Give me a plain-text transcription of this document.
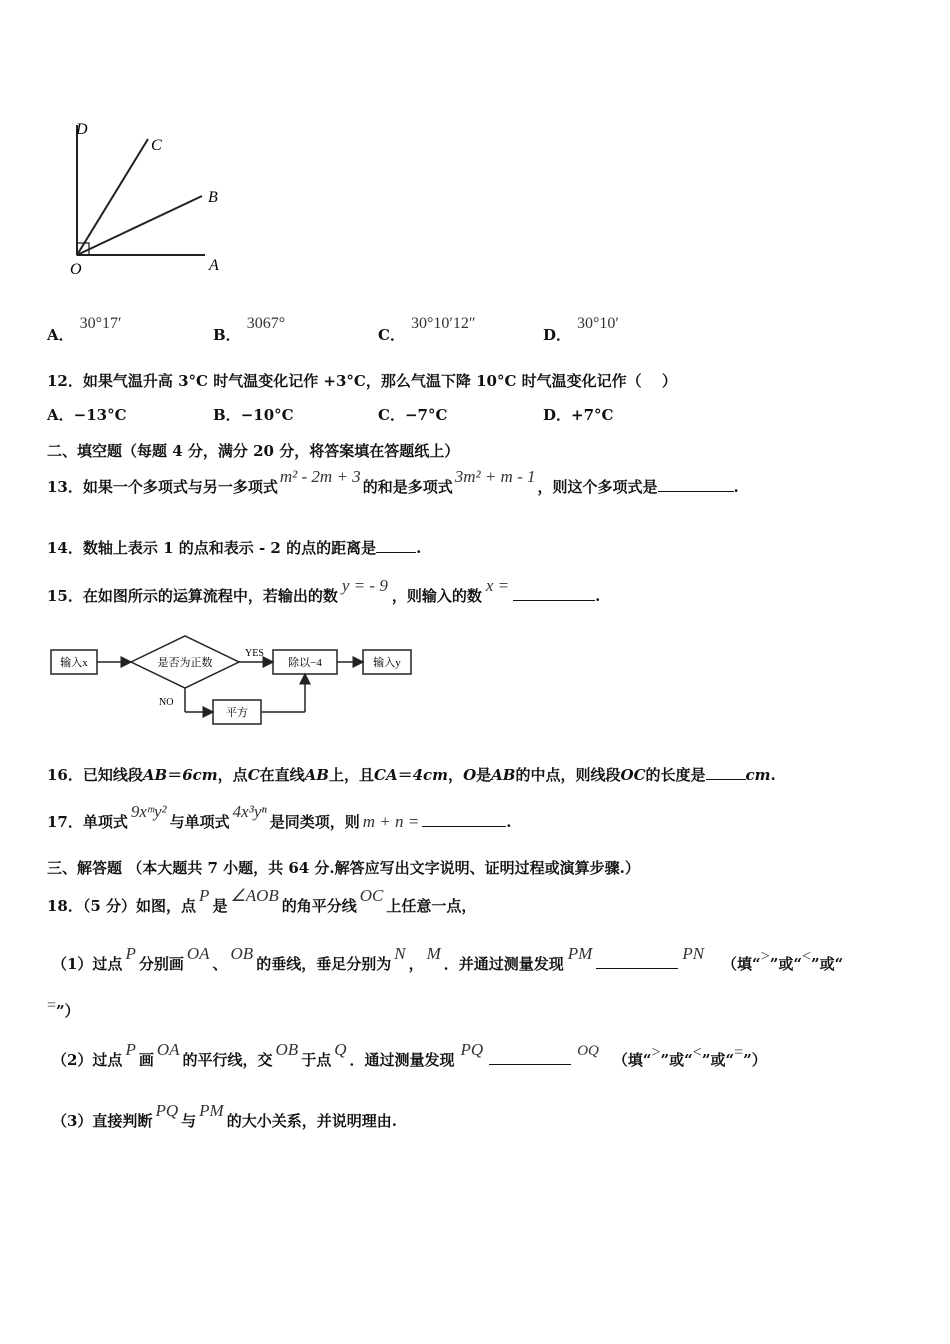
D
C
B
O	A
A．30°17′
B．3067°
C．30°10′12″
D．30°10′
12．如果气温升高 3°C 时气温变化记作 +3°C，那么气温下降 10°C 时气温变化记作（　 ）
A．−13°C	B．−10°C	C．−7°C	D．+7°C
二、填空题（每题 4 分，满分 20 分，将答案填在答题纸上）
13．如果一个多项式与另一多项式m² - 2m + 3的和是多项式3m² + m - 1，则这个多项式是	.
14．数轴上表示 1 的点和表示 - 2 的点的距离是	.
15．在如图所示的运算流程中，若输出的数y = - 9，则输入的数x =.
输入x	是否为正数
YES
除以−4	输入y
NO
平方
16．已知线段AB＝6cm，点C在直线AB上，且CA＝4cm，O是AB的中点，则线段OC的长度是	cm.
17．单项式9xᵐy²与单项式4x³yⁿ是同类项，则 m + n =	.
三、解答题 （本大题共 7 小题，共 64 分.解答应写出文字说明、证明过程或演算步骤.）
18．（5 分）如图，点P是∠AOB的角平分线OC上任意一点，
（1）过点P分别画OA、OB的垂线，垂足分别为N，M．并通过测量发现PM	PN（填“>”或“<”或“
=”）
（2）过点P画OA的平行线，交OB于点Q．通过测量发现PQ	OQ （填“>”或“<”或“=”）
（3）直接判断PQ与PM的大小关系，并说明理由.
